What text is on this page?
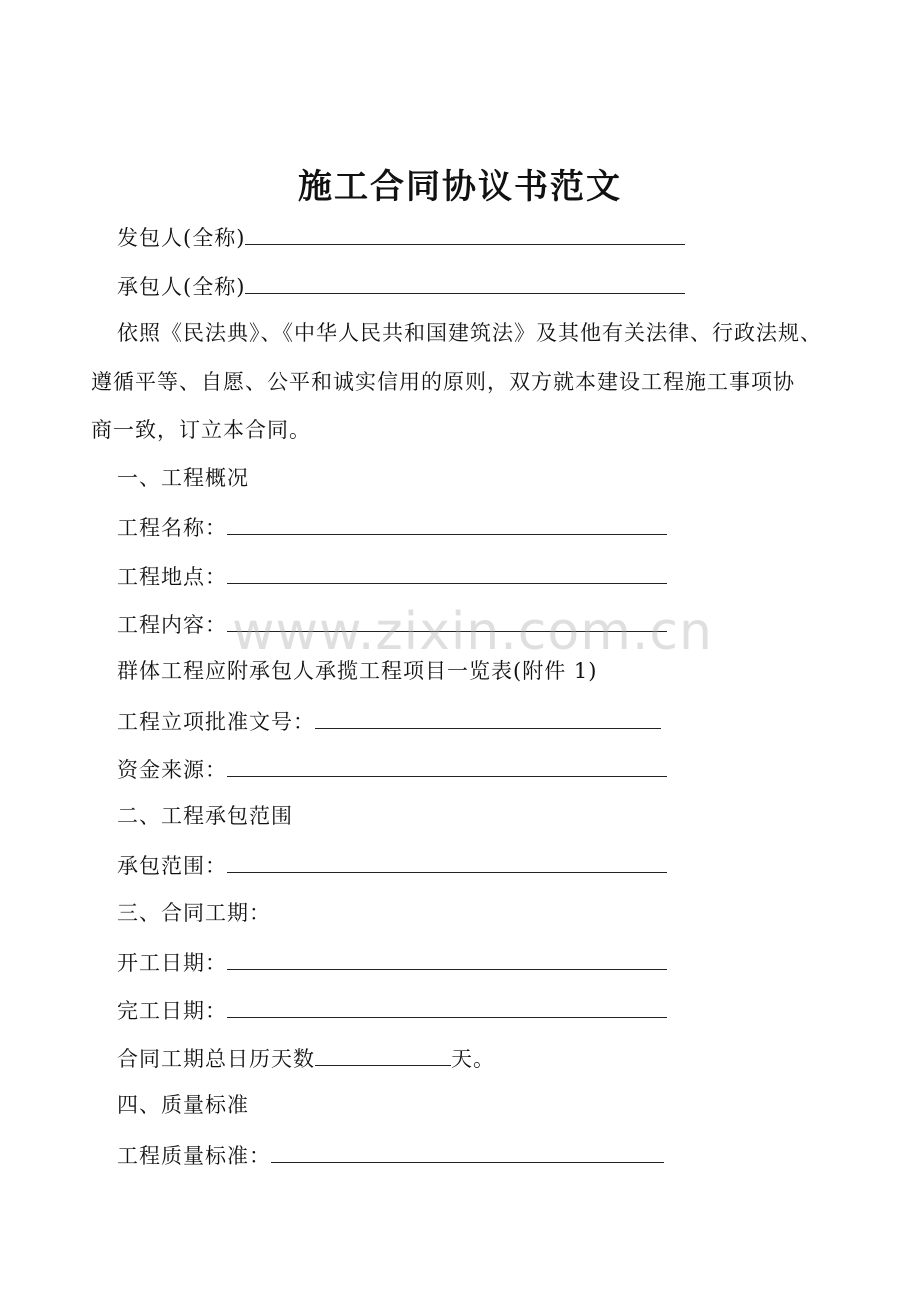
施工合同协议书范文
发包人(全称)
承包人(全称)
依照《民法典》、《中华人民共和国建筑法》及其他有关法律、行政法规、
遵循平等、自愿、公平和诚实信用的原则，双方就本建设工程施工事项协
商一致，订立本合同。
一、工程概况
工程名称：
工程地点：
工程内容：
群体工程应附承包人承揽工程项目一览表(附件 1)
工程立项批准文号：
资金来源：
二、工程承包范围
承包范围：
三、合同工期：
开工日期：
完工日期：
合同工期总日历天数	天。
四、质量标准
工程质量标准：
www.zixin.com.cn
